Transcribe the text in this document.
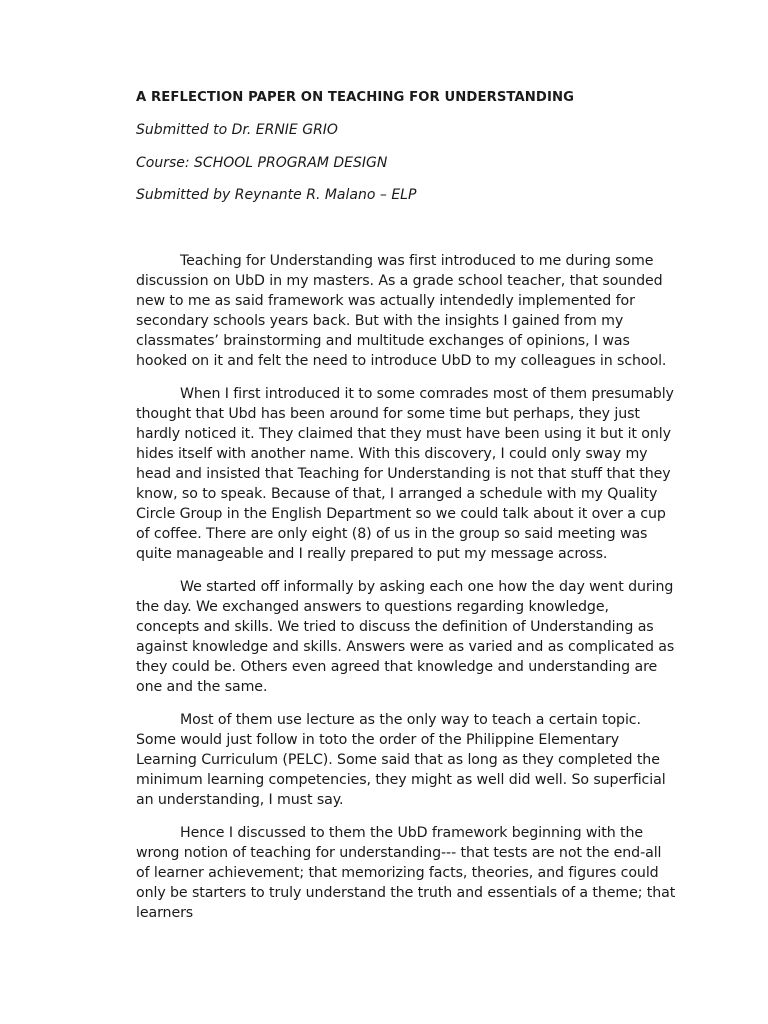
A REFLECTION PAPER ON TEACHING FOR UNDERSTANDING

Submitted to Dr. ERNIE GRIO

Course: SCHOOL PROGRAM DESIGN

Submitted by Reynante R. Malano – ELP

Teaching for Understanding was first introduced to me during some discussion on UbD in my masters. As a grade school teacher, that sounded new to me as said framework was actually intendedly implemented for secondary schools years back. But with the insights I gained from my classmates’ brainstorming and multitude exchanges of opinions, I was hooked on it and felt the need to introduce UbD to my colleagues in school.

When I first introduced it to some comrades most of them presumably thought that Ubd has been around for some time but perhaps, they just hardly noticed it. They claimed that they must have been using it but it only hides itself with another name. With this discovery, I could only sway my head and insisted that Teaching for Understanding is not that stuff that they know, so to speak. Because of that, I arranged a schedule with my Quality Circle Group in the English Department so we could talk about it over a cup of coffee. There are only eight (8) of us in the group so said meeting was quite manageable and I really prepared to put my message across.

We started off informally by asking each one how the day went during the day. We exchanged answers to questions regarding knowledge, concepts and skills. We tried to discuss the definition of Understanding as against knowledge and skills. Answers were as varied and as complicated as they could be. Others even agreed that knowledge and understanding are one and the same.

Most of them use lecture as the only way to teach a certain topic. Some would just follow in toto the order of the Philippine Elementary Learning Curriculum (PELC). Some said that as long as they completed the minimum learning competencies, they might as well did well. So superficial an understanding, I must say.

Hence I discussed to them the UbD framework beginning with the wrong notion of teaching for understanding--- that tests are not the end-all of learner achievement; that memorizing facts, theories, and figures could only be starters to truly understand the truth and essentials of a theme; that learners
